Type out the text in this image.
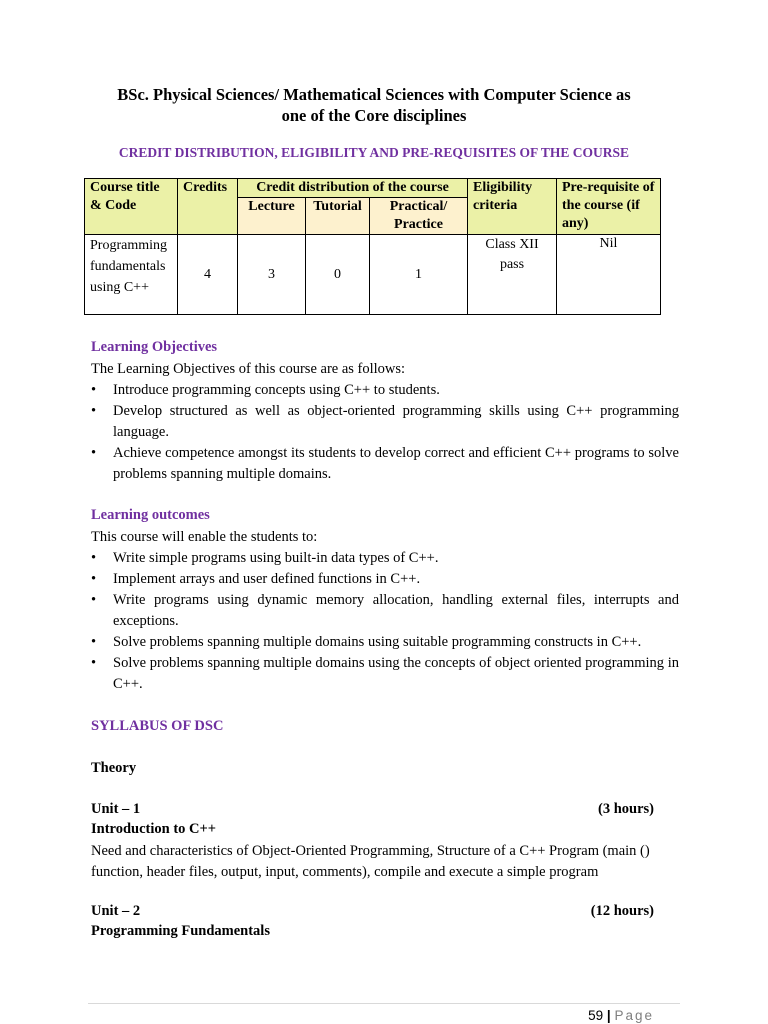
BSc. Physical Sciences/ Mathematical Sciences with Computer Science as
one of the Core disciplines
CREDIT DISTRIBUTION, ELIGIBILITY AND PRE-REQUISITES OF THE COURSE
Course title & Code	Credits	Credit distribution of the course			Eligibility criteria	Pre-requisite of the course (if any)
		Lecture	Tutorial	Practical/ Practice		
Programming fundamentals using C++	4	3	0	1	Class XII pass	Nil
Learning Objectives
The Learning Objectives of this course are as follows:
• Introduce programming concepts using C++ to students.
• Develop structured as well as object-oriented programming skills using C++ programming language.
• Achieve competence amongst its students to develop correct and efficient C++ programs to solve problems spanning multiple domains.
Learning outcomes
This course will enable the students to:
• Write simple programs using built-in data types of C++.
• Implement arrays and user defined functions in C++.
• Write programs using dynamic memory allocation, handling external files, interrupts and exceptions.
• Solve problems spanning multiple domains using suitable programming constructs in C++.
• Solve problems spanning multiple domains using the concepts of object oriented programming in C++.
SYLLABUS OF DSC
Theory
Unit – 1	(3 hours)
Introduction to C++
Need and characteristics of Object-Oriented Programming, Structure of a C++ Program (main () function, header files, output, input, comments), compile and execute a simple program
Unit – 2	(12 hours)
Programming Fundamentals
59 | Page
